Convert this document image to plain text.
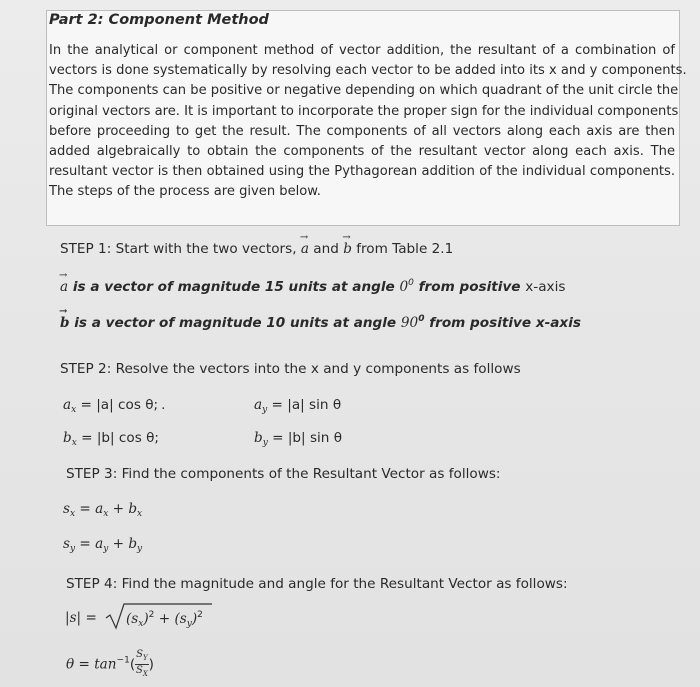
Part 2: Component Method
In the analytical or component method of vector addition, the resultant of a combination of
vectors is done systematically by resolving each vector to be added into its x and y components.
The components can be positive or negative depending on which quadrant of the unit circle the
original vectors are. It is important to incorporate the proper sign for the individual components
before proceeding to get the result. The components of all vectors along each axis are then
added algebraically to obtain the components of the resultant vector along each axis. The
resultant vector is then obtained using the Pythagorean addition of the individual components.
The steps of the process are given below.
STEP 1: Start with the two vectors, → a and → b from Table 2.1
→ a is a vector of magnitude 15 units at angle $0^0$ from positive x-axis
→ b is a vector of magnitude 10 units at angle $90^0$ from positive x-axis
STEP 2: Resolve the vectors into the x and y components as follows
$a_x = |a|$ cos θ; .	$a_y = |a|$ sin θ
$b_x = |b|$ cos θ;	$b_y = |b|$ sin θ
STEP 3: Find the components of the Resultant Vector as follows:
$s_x = a_x + b_x$
$s_y = a_y + b_y$
STEP 4: Find the magnitude and angle for the Resultant Vector as follows:
$|s| = (s_x)^2 + (s_y)^2$
$\theta = \tan^{-1}( \frac{S_Y}{S_X}$ )
